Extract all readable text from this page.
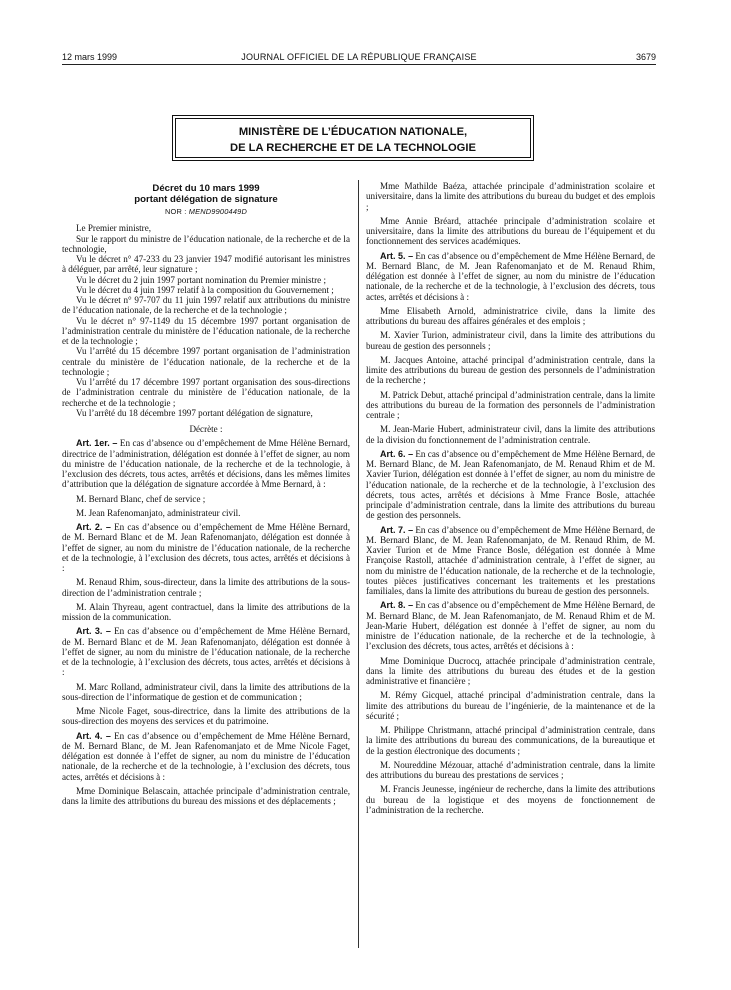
12 mars 1999	JOURNAL OFFICIEL DE LA RÉPUBLIQUE FRANÇAISE	3679
MINISTÈRE DE L’ÉDUCATION NATIONALE,
DE LA RECHERCHE ET DE LA TECHNOLOGIE
Décret du 10 mars 1999
portant délégation de signature
NOR : MEND9900449D

Le Premier ministre,

Sur le rapport du ministre de l’éducation nationale, de la recherche et de la technologie,

Vu le décret n° 47-233 du 23 janvier 1947 modifié autorisant les ministres à déléguer, par arrêté, leur signature ;

Vu le décret du 2 juin 1997 portant nomination du Premier ministre ;

Vu le décret du 4 juin 1997 relatif à la composition du Gouvernement ;

Vu le décret n° 97-707 du 11 juin 1997 relatif aux attributions du ministre de l’éducation nationale, de la recherche et de la technologie ;

Vu le décret n° 97-1149 du 15 décembre 1997 portant organisation de l’administration centrale du ministère de l’éducation nationale, de la recherche et de la technologie ;

Vu l’arrêté du 15 décembre 1997 portant organisation de l’administration centrale du ministère de l’éducation nationale, de la recherche et de la technologie ;

Vu l’arrêté du 17 décembre 1997 portant organisation des sous-directions de l’administration centrale du ministère de l’éducation nationale, de la recherche et de la technologie ;

Vu l’arrêté du 18 décembre 1997 portant délégation de signature,

Décrète :

Art. 1er. – En cas d’absence ou d’empêchement de Mme Hélène Bernard, directrice de l’administration, délégation est donnée à l’effet de signer, au nom du ministre de l’éducation nationale, de la recherche et de la technologie, à l’exclusion des décrets, tous actes, arrêtés et décisions, dans les mêmes limites d’attribution que la délégation de signature accordée à Mme Bernard, à :

M. Bernard Blanc, chef de service ;

M. Jean Rafenomanjato, administrateur civil.

Art. 2. – En cas d’absence ou d’empêchement de Mme Hélène Bernard, de M. Bernard Blanc et de M. Jean Rafenomanjato, délégation est donnée à l’effet de signer, au nom du ministre de l’éducation nationale, de la recherche et de la technologie, à l’exclusion des décrets, tous actes, arrêtés et décisions à :

M. Renaud Rhim, sous-directeur, dans la limite des attributions de la sous-direction de l’administration centrale ;

M. Alain Thyreau, agent contractuel, dans la limite des attributions de la mission de la communication.

Art. 3. – En cas d’absence ou d’empêchement de Mme Hélène Bernard, de M. Bernard Blanc et de M. Jean Rafenomanjato, délégation est donnée à l’effet de signer, au nom du ministre de l’éducation nationale, de la recherche et de la technologie, à l’exclusion des décrets, tous actes, arrêtés et décisions à :

M. Marc Rolland, administrateur civil, dans la limite des attributions de la sous-direction de l’informatique de gestion et de communication ;

Mme Nicole Faget, sous-directrice, dans la limite des attributions de la sous-direction des moyens des services et du patrimoine.

Art. 4. – En cas d’absence ou d’empêchement de Mme Hélène Bernard, de M. Bernard Blanc, de M. Jean Rafenomanjato et de Mme Nicole Faget, délégation est donnée à l’effet de signer, au nom du ministre de l’éducation nationale, de la recherche et de la technologie, à l’exclusion des décrets, tous actes, arrêtés et décisions à :

Mme Dominique Belascain, attachée principale d’administration centrale, dans la limite des attributions du bureau des missions et des déplacements ;

Mme Mathilde Baéza, attachée principale d’administration scolaire et universitaire, dans la limite des attributions du bureau du budget et des emplois ;

Mme Annie Bréard, attachée principale d’administration scolaire et universitaire, dans la limite des attributions du bureau de l’équipement et du fonctionnement des services académiques.

Art. 5. – En cas d’absence ou d’empêchement de Mme Hélène Bernard, de M. Bernard Blanc, de M. Jean Rafenomanjato et de M. Renaud Rhim, délégation est donnée à l’effet de signer, au nom du ministre de l’éducation nationale, de la recherche et de la technologie, à l’exclusion des décrets, tous actes, arrêtés et décisions à :

Mme Elisabeth Arnold, administratrice civile, dans la limite des attributions du bureau des affaires générales et des emplois ;

M. Xavier Turion, administrateur civil, dans la limite des attributions du bureau de gestion des personnels ;

M. Jacques Antoine, attaché principal d’administration centrale, dans la limite des attributions du bureau de gestion des personnels de l’administration de la recherche ;

M. Patrick Debut, attaché principal d’administration centrale, dans la limite des attributions du bureau de la formation des personnels de l’administration centrale ;

M. Jean-Marie Hubert, administrateur civil, dans la limite des attributions de la division du fonctionnement de l’administration centrale.

Art. 6. – En cas d’absence ou d’empêchement de Mme Hélène Bernard, de M. Bernard Blanc, de M. Jean Rafenomanjato, de M. Renaud Rhim et de M. Xavier Turion, délégation est donnée à l’effet de signer, au nom du ministre de l’éducation nationale, de la recherche et de la technologie, à l’exclusion des décrets, tous actes, arrêtés et décisions à Mme France Bosle, attachée principale d’administration centrale, dans la limite des attributions du bureau de gestion des personnels.

Art. 7. – En cas d’absence ou d’empêchement de Mme Hélène Bernard, de M. Bernard Blanc, de M. Jean Rafenomanjato, de M. Renaud Rhim, de M. Xavier Turion et de Mme France Bosle, délégation est donnée à Mme Françoise Rastoll, attachée d’administration centrale, à l’effet de signer, au nom du ministre de l’éducation nationale, de la recherche et de la technologie, toutes pièces justificatives concernant les traitements et les prestations familiales, dans la limite des attributions du bureau de gestion des personnels.

Art. 8. – En cas d’absence ou d’empêchement de Mme Hélène Bernard, de M. Bernard Blanc, de M. Jean Rafenomanjato, de M. Renaud Rhim et de M. Jean-Marie Hubert, délégation est donnée à l’effet de signer, au nom du ministre de l’éducation nationale, de la recherche et de la technologie, à l’exclusion des décrets, tous actes, arrêtés et décisions à :

Mme Dominique Ducrocq, attachée principale d’administration centrale, dans la limite des attributions du bureau des études et de la gestion administrative et financière ;

M. Rémy Gicquel, attaché principal d’administration centrale, dans la limite des attributions du bureau de l’ingénierie, de la maintenance et de la sécurité ;

M. Philippe Christmann, attaché principal d’administration centrale, dans la limite des attributions du bureau des communications, de la bureautique et de la gestion électronique des documents ;

M. Noureddine Mézouar, attaché d’administration centrale, dans la limite des attributions du bureau des prestations de services ;

M. Francis Jeunesse, ingénieur de recherche, dans la limite des attributions du bureau de la logistique et des moyens de fonctionnement de l’administration de la recherche.
